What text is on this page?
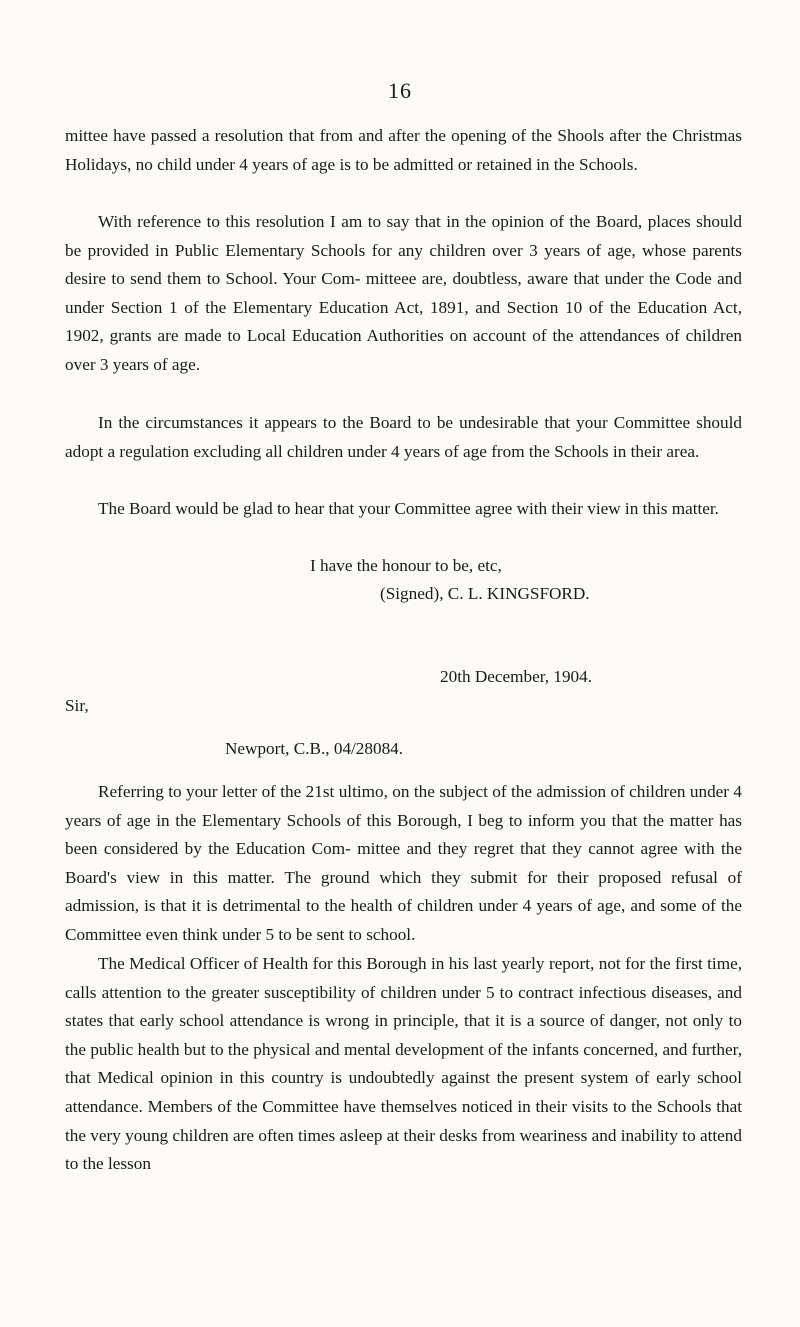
16

mittee have passed a resolution that from and after the opening of the Shools after the Christmas Holidays, no child under 4 years of age is to be admitted or retained in the Schools.

With reference to this resolution I am to say that in the opinion of the Board, places should be provided in Public Elementary Schools for any children over 3 years of age, whose parents desire to send them to School. Your Com- mitteee are, doubtless, aware that under the Code and under Section 1 of the Elementary Education Act, 1891, and Section 10 of the Education Act, 1902, grants are made to Local Education Authorities on account of the attendances of children over 3 years of age.

In the circumstances it appears to the Board to be undesirable that your Committee should adopt a regulation excluding all children under 4 years of age from the Schools in their area.

The Board would be glad to hear that your Committee agree with their view in this matter.

I have the honour to be, etc,

(Signed), C. L. KINGSFORD.

20th December, 1904.

Sir,

Newport, C.B., 04/28084.

Referring to your letter of the 21st ultimo, on the subject of the admission of children under 4 years of age in the Elementary Schools of this Borough, I beg to inform you that the matter has been considered by the Education Com- mittee and they regret that they cannot agree with the Board's view in this matter. The ground which they submit for their proposed refusal of admission, is that it is detrimental to the health of children under 4 years of age, and some of the Committee even think under 5 to be sent to school.

The Medical Officer of Health for this Borough in his last yearly report, not for the first time, calls attention to the greater susceptibility of children under 5 to contract infectious diseases, and states that early school attendance is wrong in principle, that it is a source of danger, not only to the public health but to the physical and mental development of the infants concerned, and further, that Medical opinion in this country is undoubtedly against the present system of early school attendance. Members of the Committee have themselves noticed in their visits to the Schools that the very young children are often times asleep at their desks from weariness and inability to attend to the lesson
